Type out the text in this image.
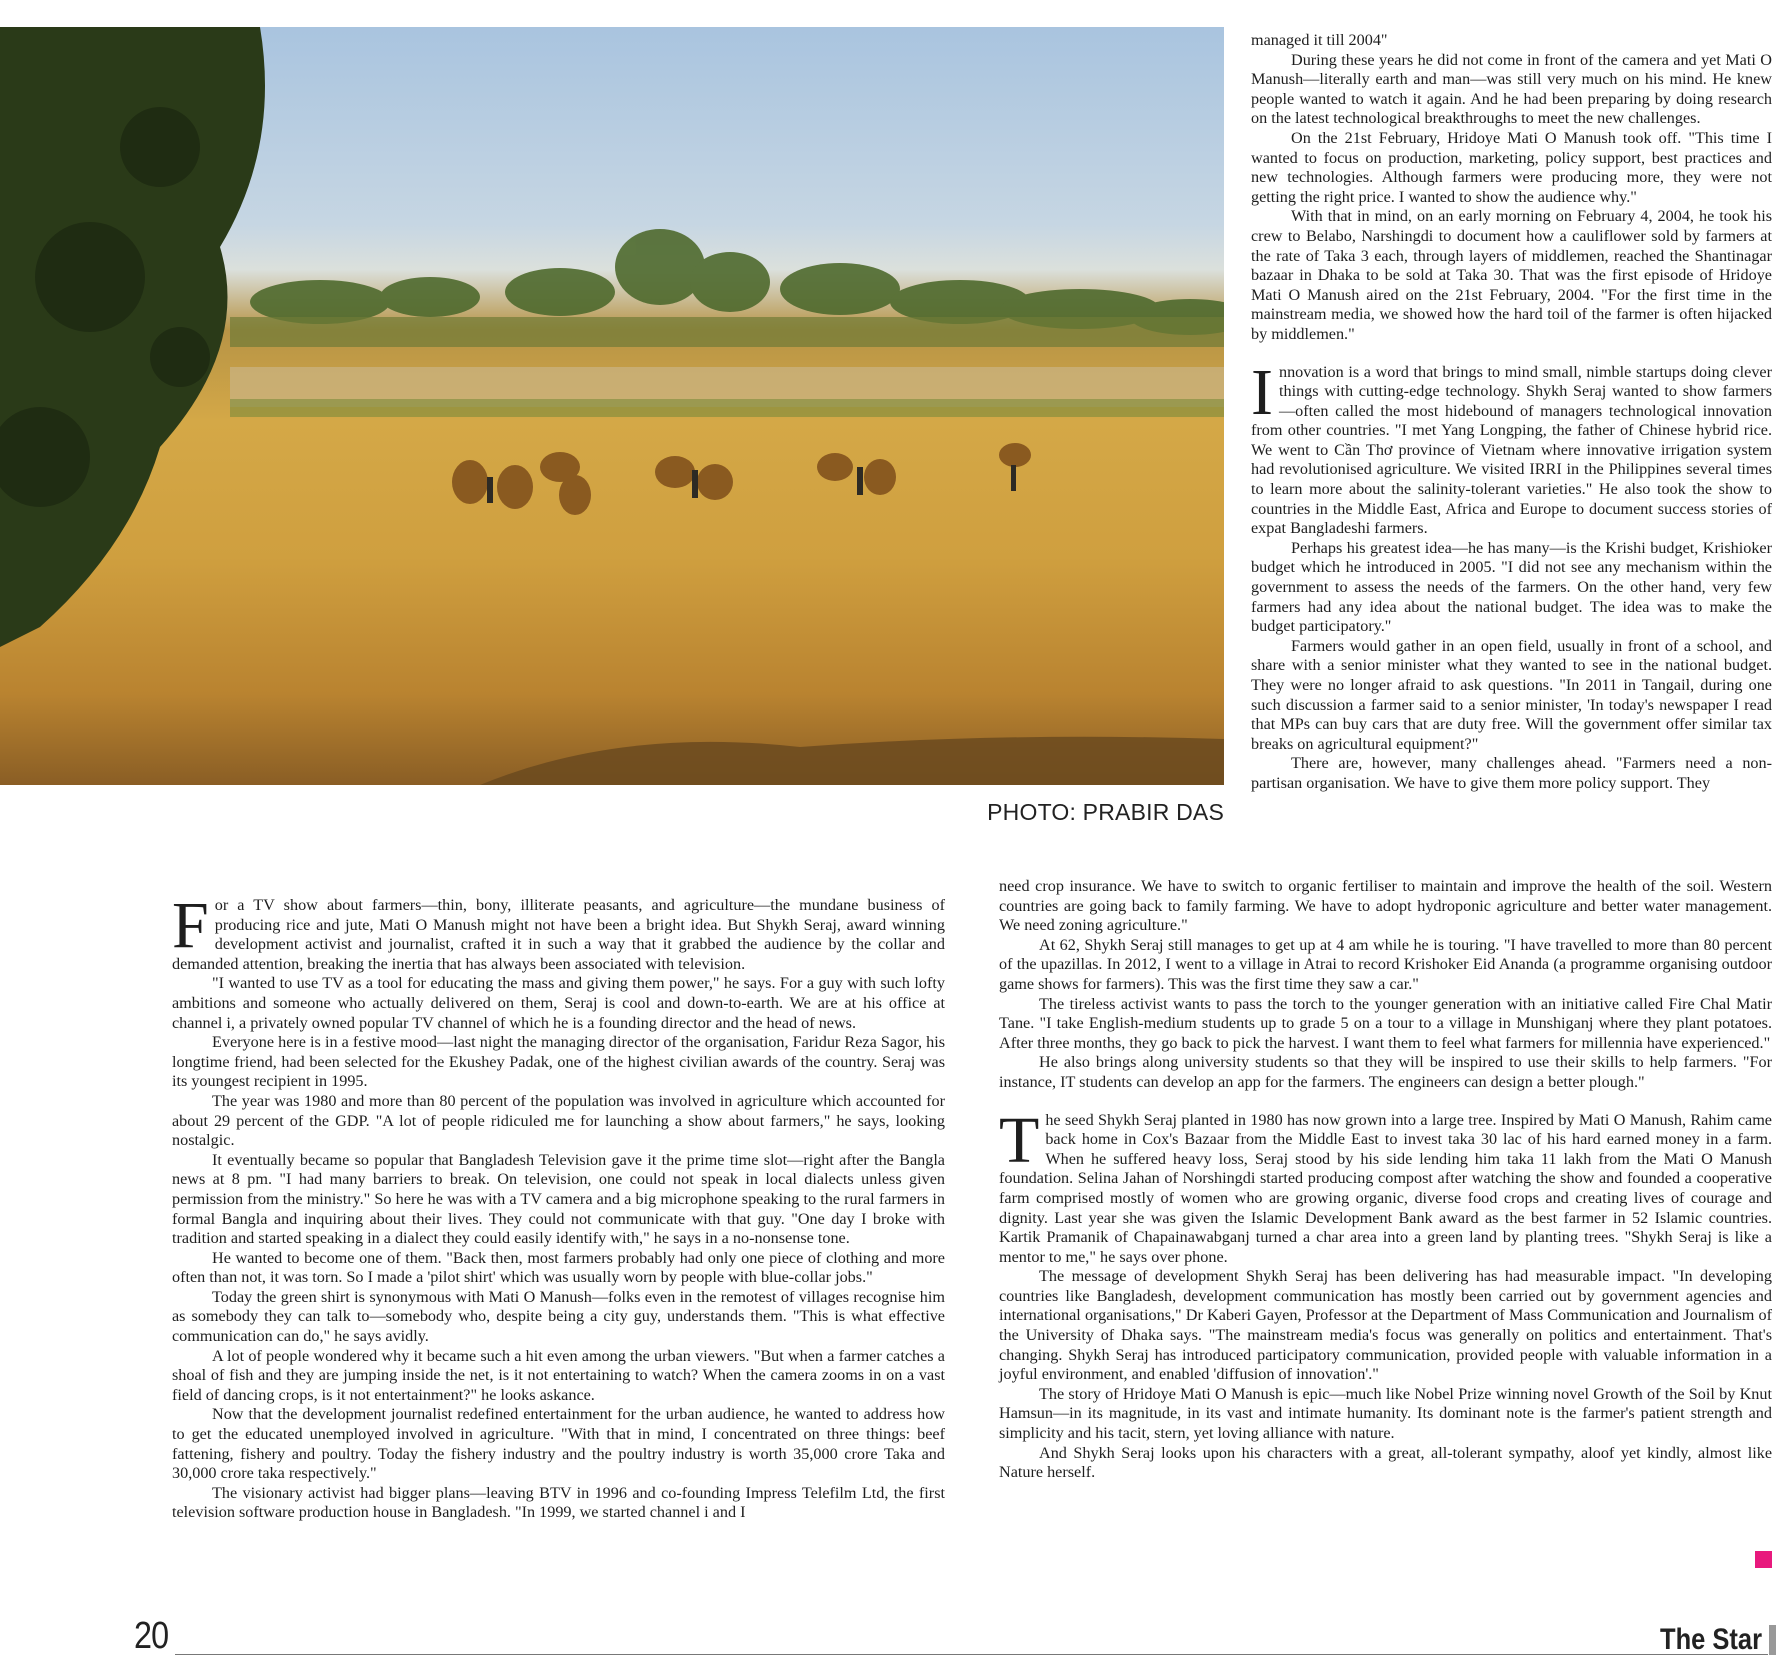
PHOTO: PRABIR DAS

managed it till 2004"

During these years he did not come in front of the camera and yet Mati O Manush—literally earth and man—was still very much on his mind. He knew people wanted to watch it again. And he had been preparing by doing research on the latest technological breakthroughs to meet the new challenges.

On the 21st February, Hridoye Mati O Manush took off. "This time I wanted to focus on production, marketing, policy support, best practices and new technologies. Although farmers were producing more, they were not getting the right price. I wanted to show the audience why."

With that in mind, on an early morning on February 4, 2004, he took his crew to Belabo, Narshingdi to document how a cauliflower sold by farmers at the rate of Taka 3 each, through layers of middlemen, reached the Shantinagar bazaar in Dhaka to be sold at Taka 30. That was the first episode of Hridoye Mati O Manush aired on the 21st February, 2004. "For the first time in the mainstream media, we showed how the hard toil of the farmer is often hijacked by middlemen."

Innovation is a word that brings to mind small, nimble startups doing clever things with cutting-edge technology. Shykh Seraj wanted to show farmers—often called the most hidebound of managers technological innovation from other countries. "I met Yang Longping, the father of Chinese hybrid rice. We went to Cần Thơ province of Vietnam where innovative irrigation system had revolutionised agriculture. We visited IRRI in the Philippines several times to learn more about the salinity-tolerant varieties." He also took the show to countries in the Middle East, Africa and Europe to document success stories of expat Bangladeshi farmers.

Perhaps his greatest idea—he has many—is the Krishi budget, Krishioker budget which he introduced in 2005. "I did not see any mechanism within the government to assess the needs of the farmers. On the other hand, very few farmers had any idea about the national budget. The idea was to make the budget participatory."

Farmers would gather in an open field, usually in front of a school, and share with a senior minister what they wanted to see in the national budget. They were no longer afraid to ask questions. "In 2011 in Tangail, during one such discussion a farmer said to a senior minister, 'In today's newspaper I read that MPs can buy cars that are duty free. Will the government offer similar tax breaks on agricultural equipment?"

There are, however, many challenges ahead. "Farmers need a non-partisan organisation. We have to give them more policy support. They

For a TV show about farmers—thin, bony, illiterate peasants, and agriculture—the mundane business of producing rice and jute, Mati O Manush might not have been a bright idea. But Shykh Seraj, award winning development activist and journalist, crafted it in such a way that it grabbed the audience by the collar and demanded attention, breaking the inertia that has always been associated with television.

"I wanted to use TV as a tool for educating the mass and giving them power," he says. For a guy with such lofty ambitions and someone who actually delivered on them, Seraj is cool and down-to-earth. We are at his office at channel i, a privately owned popular TV channel of which he is a founding director and the head of news.

Everyone here is in a festive mood—last night the managing director of the organisation, Faridur Reza Sagor, his longtime friend, had been selected for the Ekushey Padak, one of the highest civilian awards of the country. Seraj was its youngest recipient in 1995.

The year was 1980 and more than 80 percent of the population was involved in agriculture which accounted for about 29 percent of the GDP. "A lot of people ridiculed me for launching a show about farmers," he says, looking nostalgic.

It eventually became so popular that Bangladesh Television gave it the prime time slot—right after the Bangla news at 8 pm. "I had many barriers to break. On television, one could not speak in local dialects unless given permission from the ministry." So here he was with a TV camera and a big microphone speaking to the rural farmers in formal Bangla and inquiring about their lives. They could not communicate with that guy. "One day I broke with tradition and started speaking in a dialect they could easily identify with," he says in a no-nonsense tone.

He wanted to become one of them. "Back then, most farmers probably had only one piece of clothing and more often than not, it was torn. So I made a 'pilot shirt' which was usually worn by people with blue-collar jobs."

Today the green shirt is synonymous with Mati O Manush—folks even in the remotest of villages recognise him as somebody they can talk to—somebody who, despite being a city guy, understands them. "This is what effective communication can do," he says avidly.

A lot of people wondered why it became such a hit even among the urban viewers. "But when a farmer catches a shoal of fish and they are jumping inside the net, is it not entertaining to watch? When the camera zooms in on a vast field of dancing crops, is it not entertainment?" he looks askance.

Now that the development journalist redefined entertainment for the urban audience, he wanted to address how to get the educated unemployed involved in agriculture. "With that in mind, I concentrated on three things: beef fattening, fishery and poultry. Today the fishery industry and the poultry industry is worth 35,000 crore Taka and 30,000 crore taka respectively."

The visionary activist had bigger plans—leaving BTV in 1996 and co-founding Impress Telefilm Ltd, the first television software production house in Bangladesh. "In 1999, we started channel i and I

need crop insurance. We have to switch to organic fertiliser to maintain and improve the health of the soil. Western countries are going back to family farming. We have to adopt hydroponic agriculture and better water management. We need zoning agriculture."

At 62, Shykh Seraj still manages to get up at 4 am while he is touring. "I have travelled to more than 80 percent of the upazillas. In 2012, I went to a village in Atrai to record Krishoker Eid Ananda (a programme organising outdoor game shows for farmers). This was the first time they saw a car."

The tireless activist wants to pass the torch to the younger generation with an initiative called Fire Chal Matir Tane. "I take English-medium students up to grade 5 on a tour to a village in Munshiganj where they plant potatoes. After three months, they go back to pick the harvest. I want them to feel what farmers for millennia have experienced."

He also brings along university students so that they will be inspired to use their skills to help farmers. "For instance, IT students can develop an app for the farmers. The engineers can design a better plough."

The seed Shykh Seraj planted in 1980 has now grown into a large tree. Inspired by Mati O Manush, Rahim came back home in Cox's Bazaar from the Middle East to invest taka 30 lac of his hard earned money in a farm. When he suffered heavy loss, Seraj stood by his side lending him taka 11 lakh from the Mati O Manush foundation. Selina Jahan of Norshingdi started producing compost after watching the show and founded a cooperative farm comprised mostly of women who are growing organic, diverse food crops and creating lives of courage and dignity. Last year she was given the Islamic Development Bank award as the best farmer in 52 Islamic countries. Kartik Pramanik of Chapainawabganj turned a char area into a green land by planting trees. "Shykh Seraj is like a mentor to me," he says over phone.

The message of development Shykh Seraj has been delivering has had measurable impact. "In developing countries like Bangladesh, development communication has mostly been carried out by government agencies and international organisations," Dr Kaberi Gayen, Professor at the Department of Mass Communication and Journalism of the University of Dhaka says. "The mainstream media's focus was generally on politics and entertainment. That's changing. Shykh Seraj has introduced participatory communication, provided people with valuable information in a joyful environment, and enabled 'diffusion of innovation'."

The story of Hridoye Mati O Manush is epic—much like Nobel Prize winning novel Growth of the Soil by Knut Hamsun—in its magnitude, in its vast and intimate humanity. Its dominant note is the farmer's patient strength and simplicity and his tacit, stern, yet loving alliance with nature.

And Shykh Seraj looks upon his characters with a great, all-tolerant sympathy, aloof yet kindly, almost like Nature herself.

20	The Star
